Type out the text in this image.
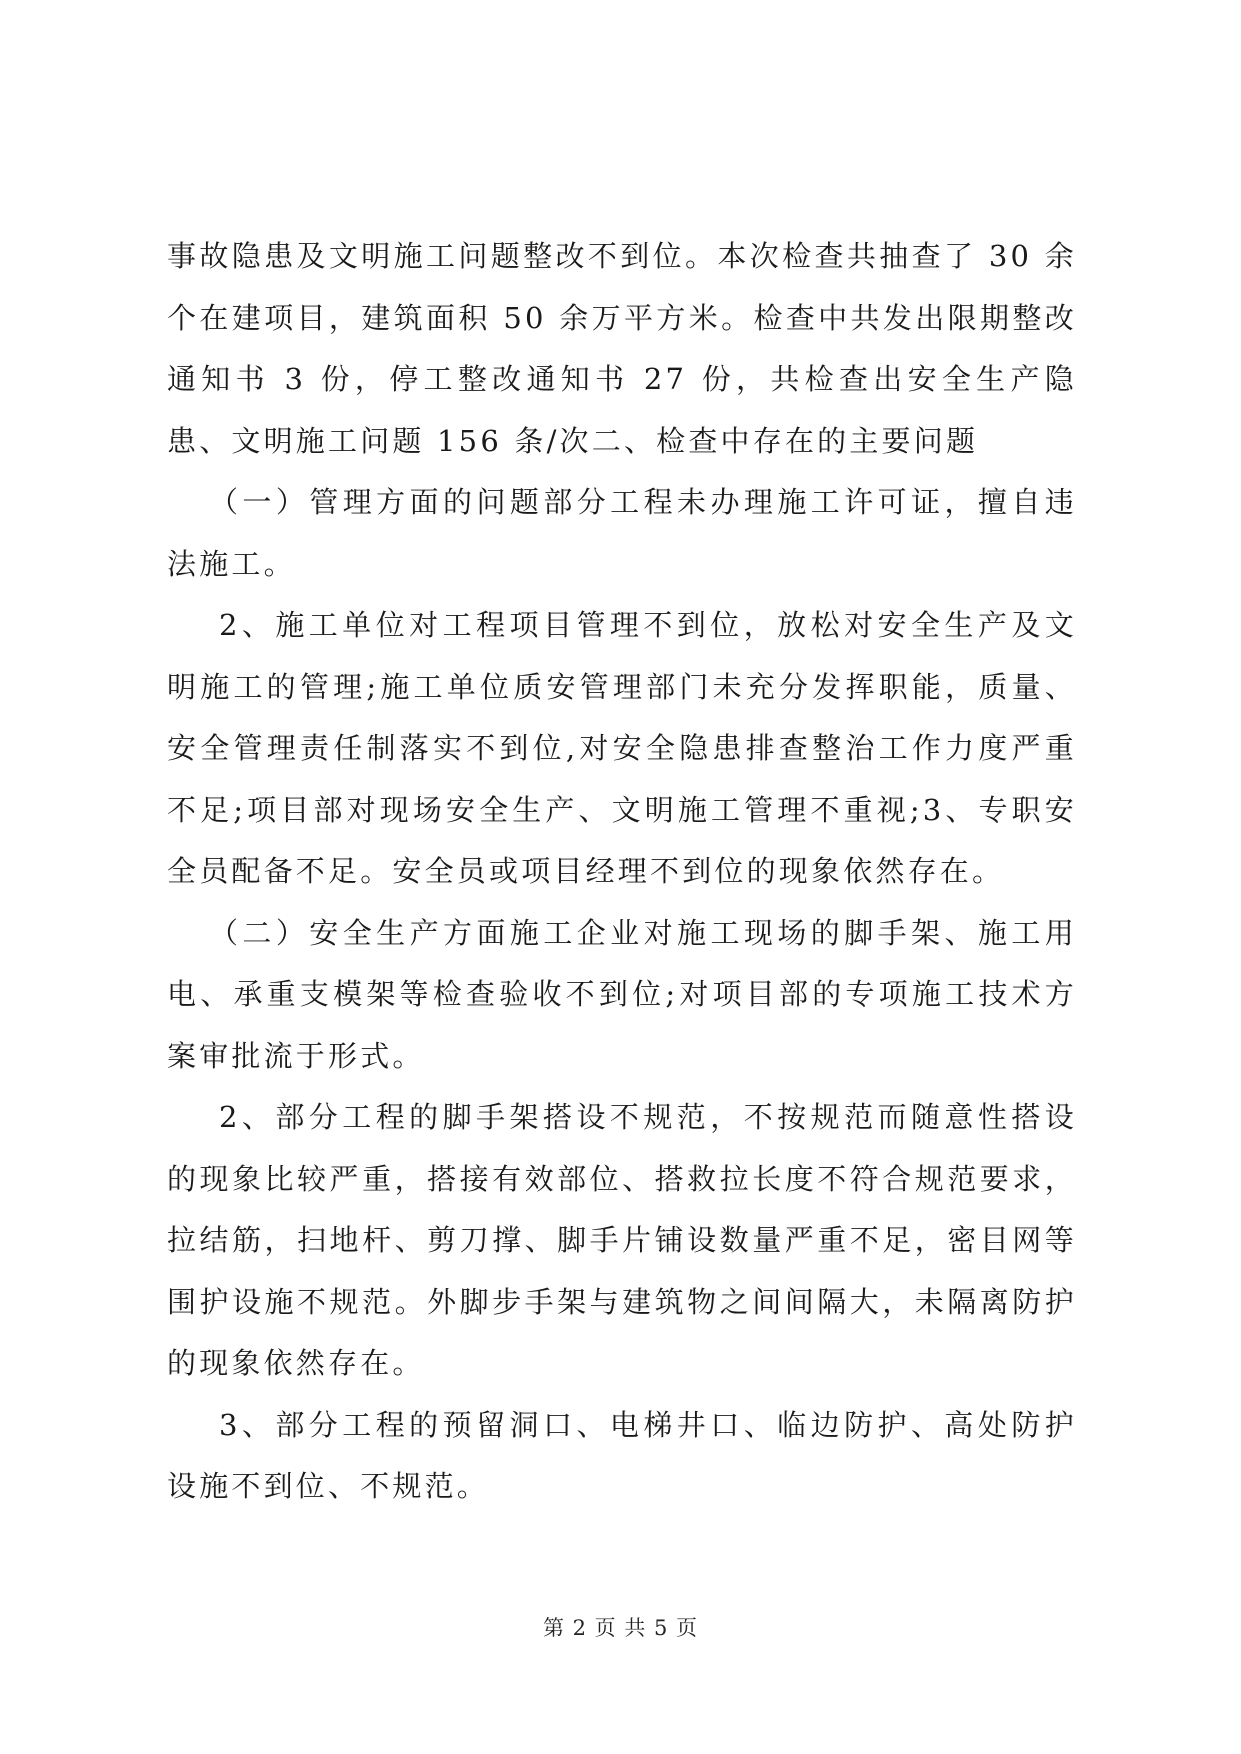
事故隐患及文明施工问题整改不到位。本次检查共抽查了 30 余个在建项目，建筑面积 50 余万平方米。检查中共发出限期整改通知书 3 份，停工整改通知书 27 份，共检查出安全生产隐患、文明施工问题 156 条/次二、检查中存在的主要问题

（一）管理方面的问题部分工程未办理施工许可证，擅自违法施工。

2、施工单位对工程项目管理不到位，放松对安全生产及文明施工的管理;施工单位质安管理部门未充分发挥职能，质量、安全管理责任制落实不到位,对安全隐患排查整治工作力度严重不足;项目部对现场安全生产、文明施工管理不重视;3、专职安全员配备不足。安全员或项目经理不到位的现象依然存在。

（二）安全生产方面施工企业对施工现场的脚手架、施工用电、承重支模架等检查验收不到位;对项目部的专项施工技术方案审批流于形式。

2、部分工程的脚手架搭设不规范，不按规范而随意性搭设的现象比较严重，搭接有效部位、搭救拉长度不符合规范要求，拉结筋，扫地杆、剪刀撑、脚手片铺设数量严重不足，密目网等围护设施不规范。外脚步手架与建筑物之间间隔大，未隔离防护的现象依然存在。

3、部分工程的预留洞口、电梯井口、临边防护、高处防护设施不到位、不规范。

第 2 页 共 5 页
